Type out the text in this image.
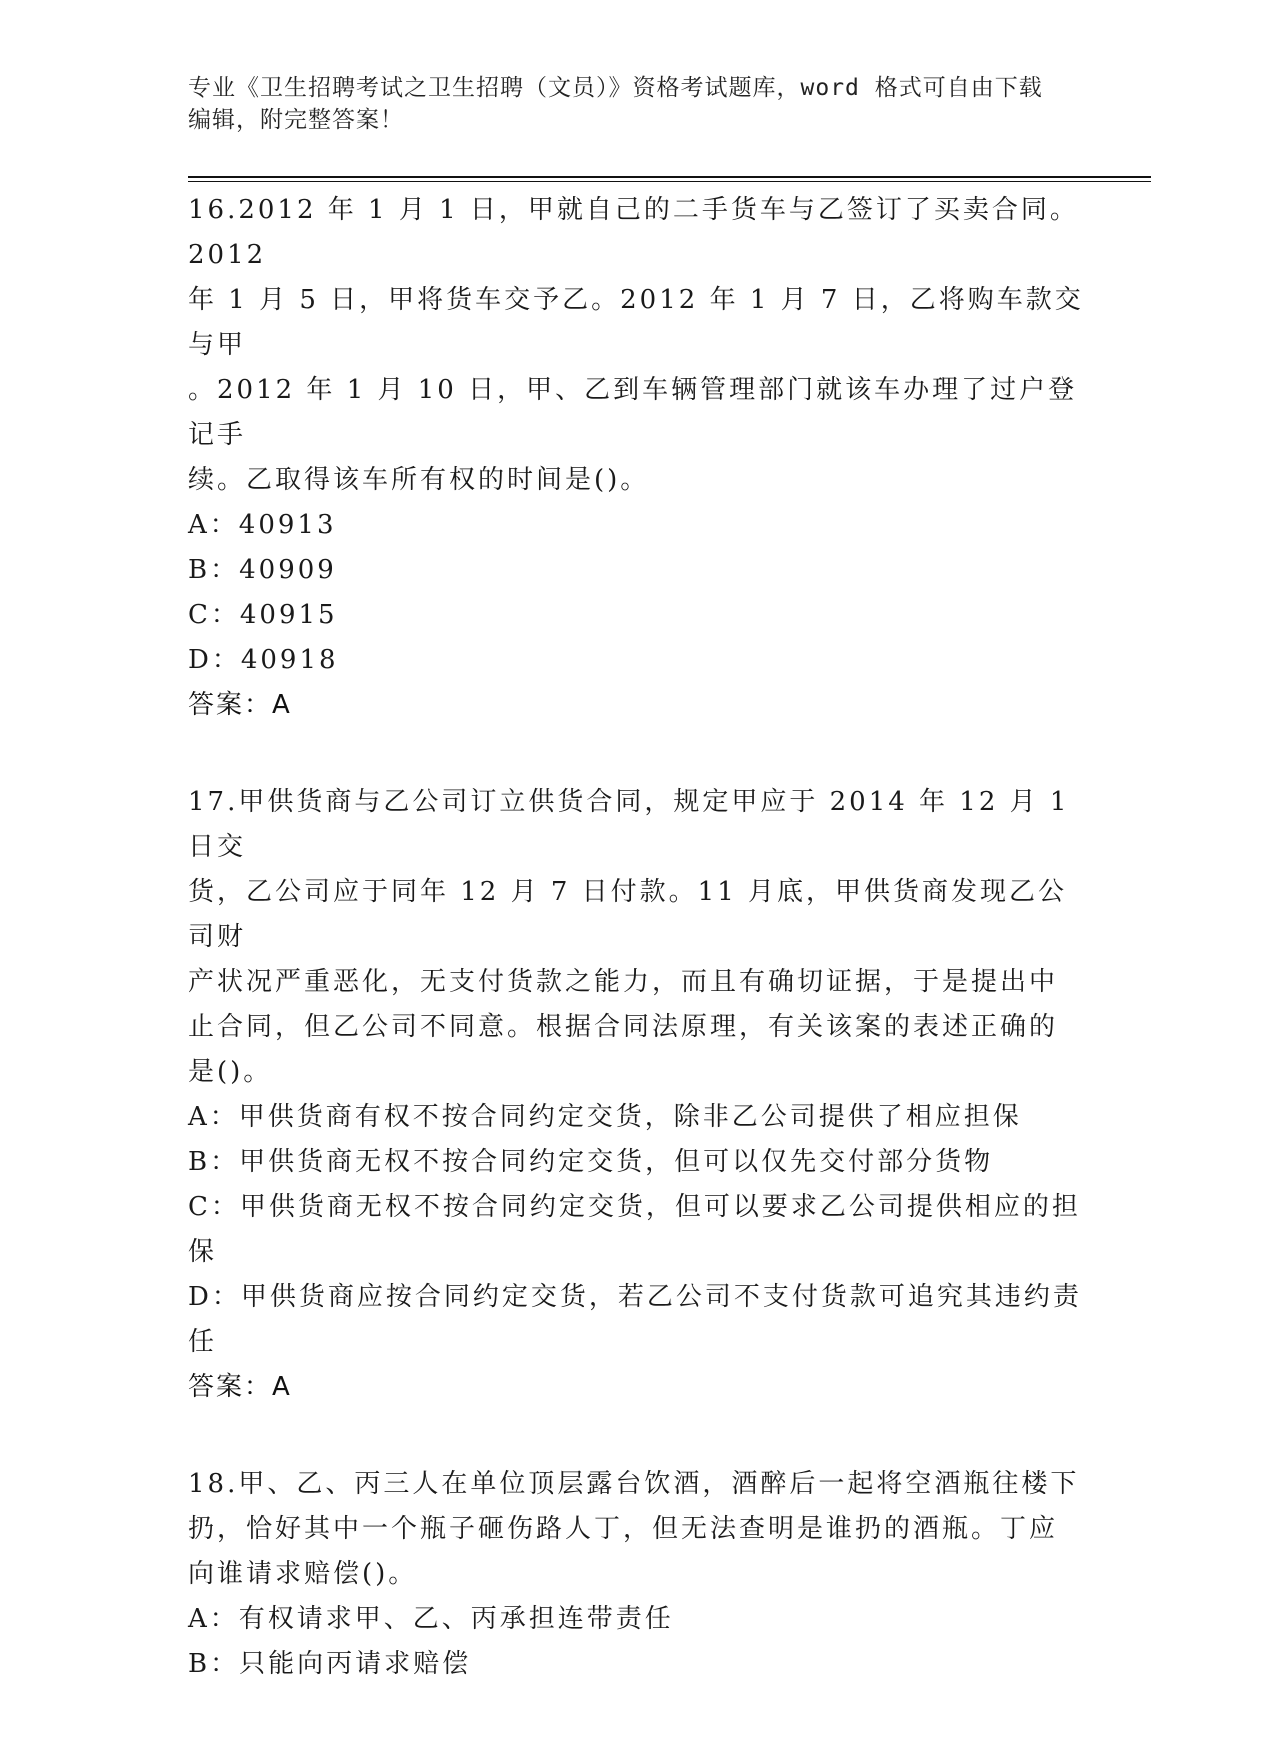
专业《卫生招聘考试之卫生招聘（文员）》资格考试题库，word 格式可自由下载
编辑，附完整答案！
16.2012 年 1 月 1 日，甲就自己的二手货车与乙签订了买卖合同。2012
年 1 月 5 日，甲将货车交予乙。2012 年 1 月 7 日，乙将购车款交与甲
。2012 年 1 月 10 日，甲、乙到车辆管理部门就该车办理了过户登记手
续。乙取得该车所有权的时间是()。
A：40913
B：40909
C：40915
D：40918
答案：A
17.甲供货商与乙公司订立供货合同，规定甲应于 2014 年 12 月 1 日交
货，乙公司应于同年 12 月 7 日付款。11 月底，甲供货商发现乙公司财
产状况严重恶化，无支付货款之能力，而且有确切证据，于是提出中
止合同，但乙公司不同意。根据合同法原理，有关该案的表述正确的
是()。
A：甲供货商有权不按合同约定交货，除非乙公司提供了相应担保
B：甲供货商无权不按合同约定交货，但可以仅先交付部分货物
C：甲供货商无权不按合同约定交货，但可以要求乙公司提供相应的担
保
D：甲供货商应按合同约定交货，若乙公司不支付货款可追究其违约责
任
答案：A
18.甲、乙、丙三人在单位顶层露台饮酒，酒醉后一起将空酒瓶往楼下
扔，恰好其中一个瓶子砸伤路人丁，但无法查明是谁扔的酒瓶。丁应
向谁请求赔偿()。
A：有权请求甲、乙、丙承担连带责任
B：只能向丙请求赔偿
